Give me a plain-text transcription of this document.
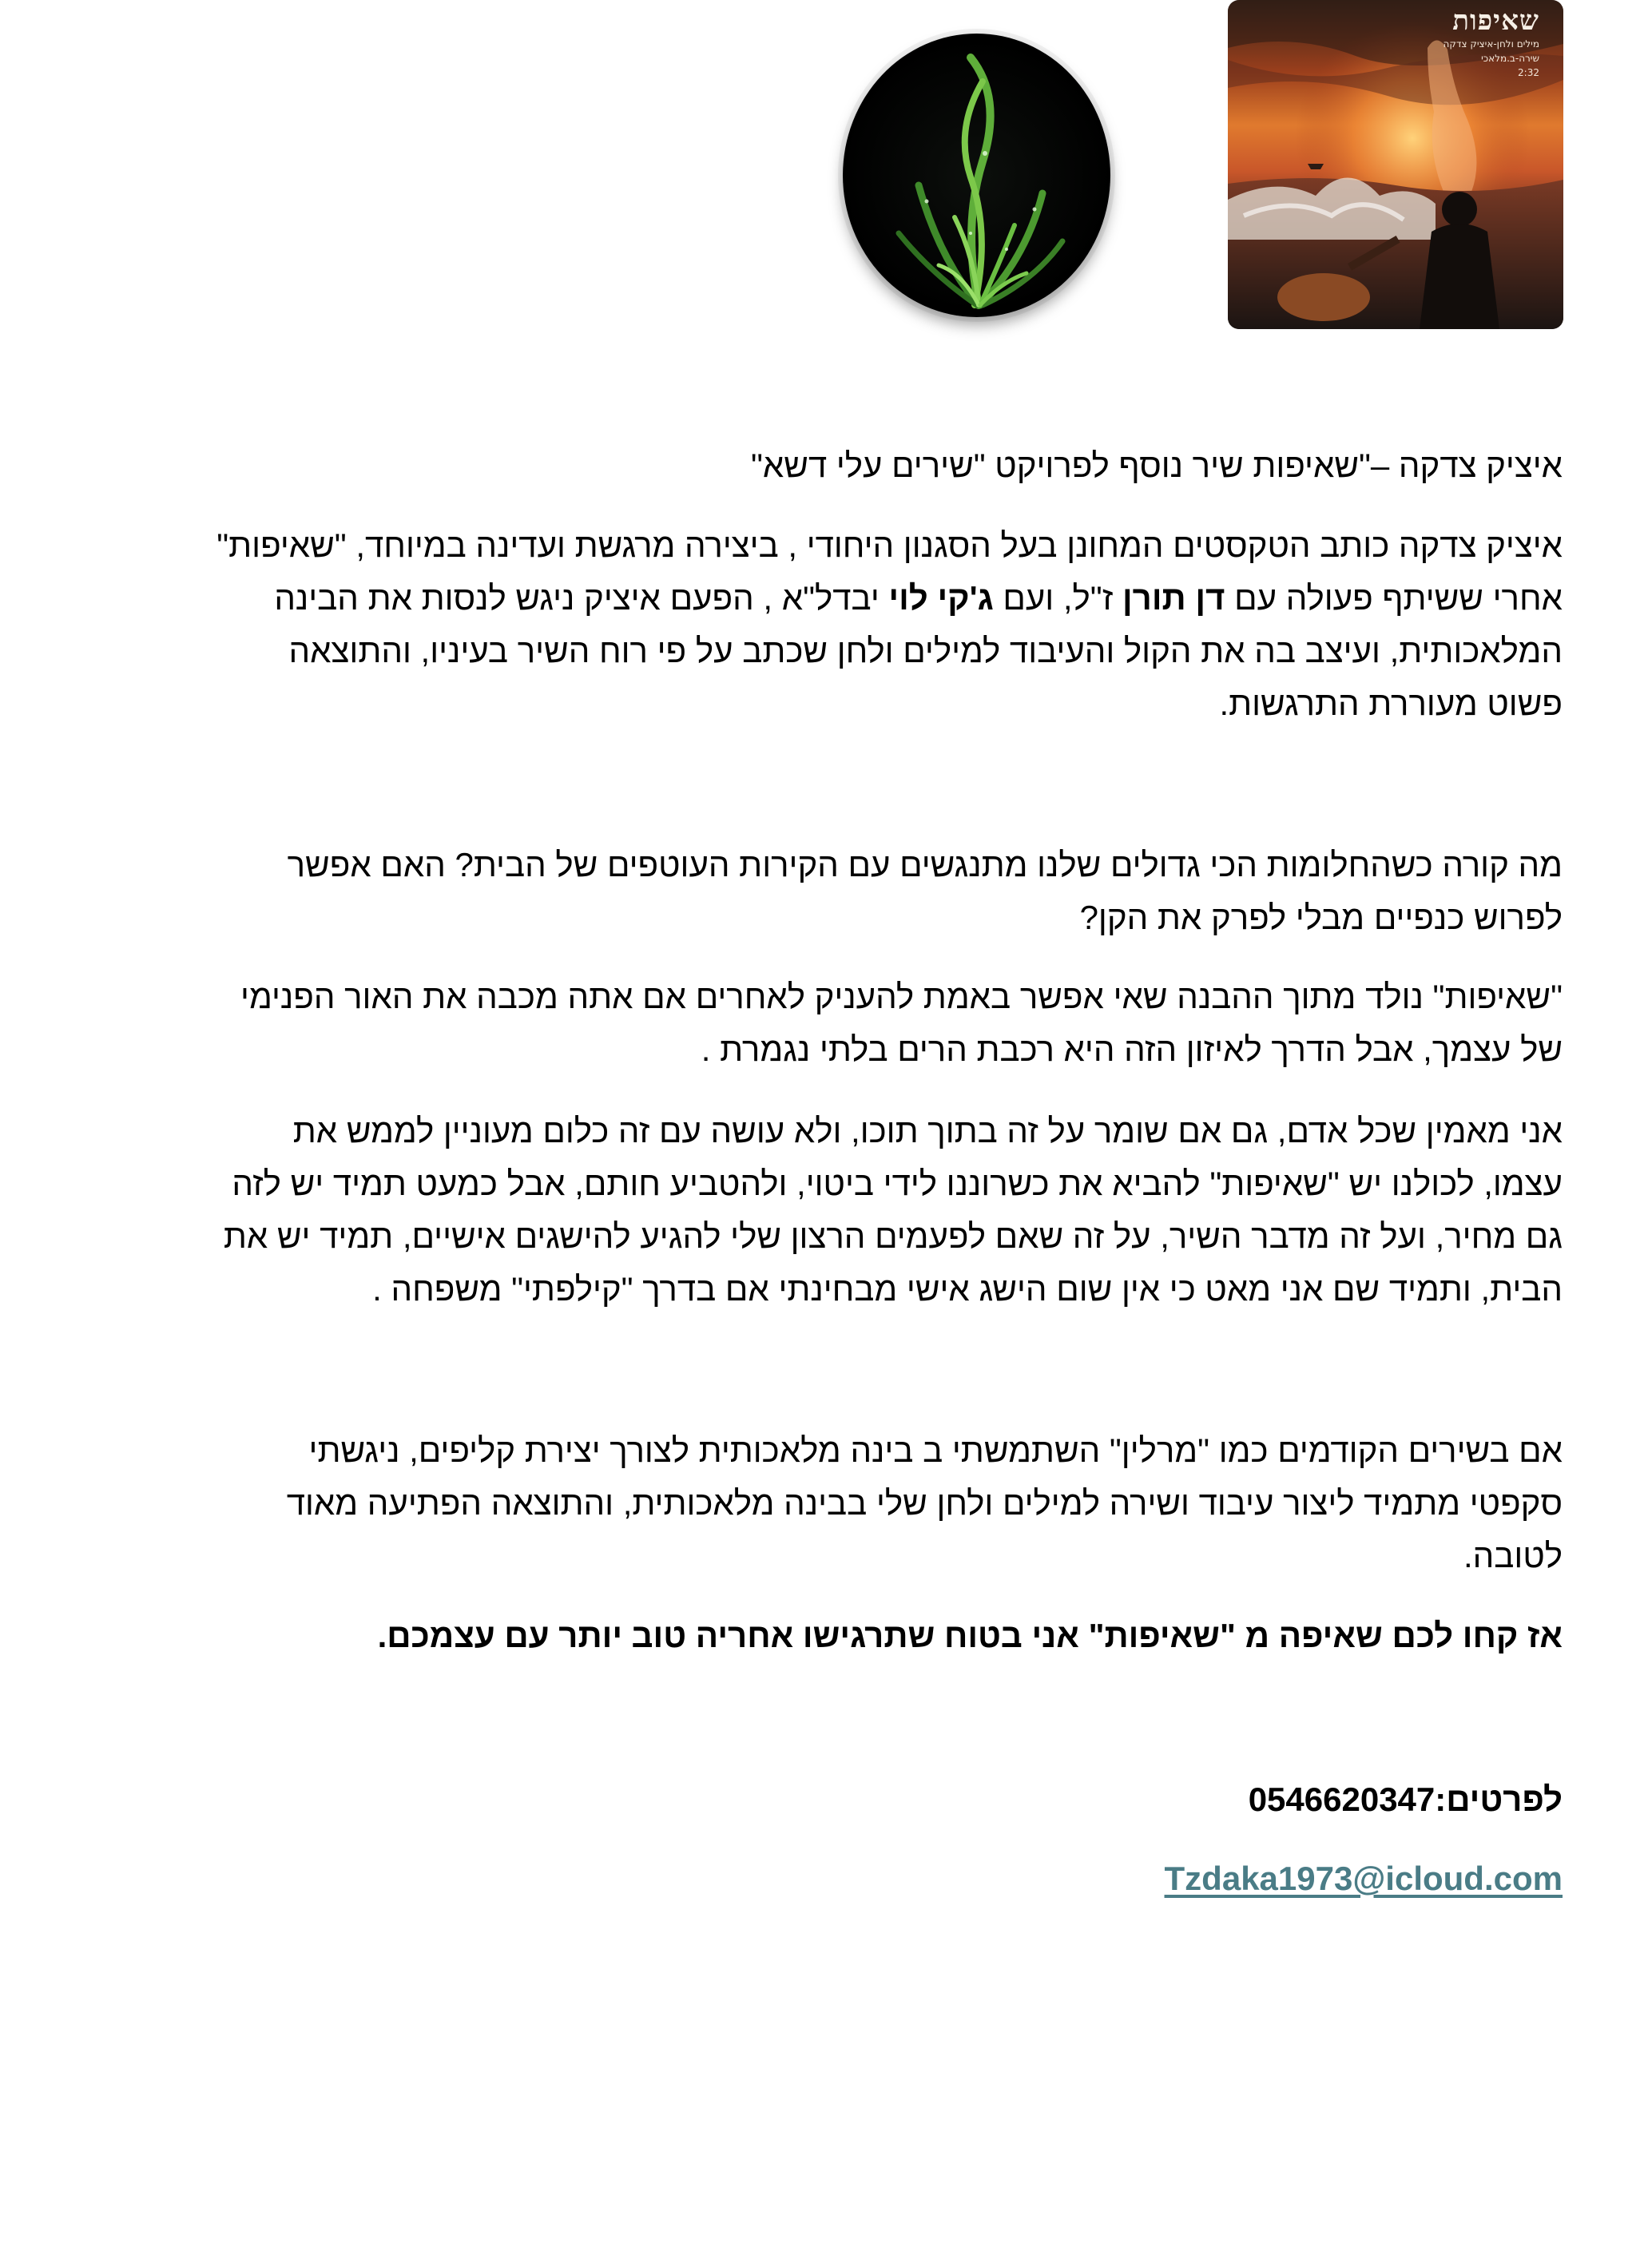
שאיפות
מילים ולחן-איציק צדקה
שירה-ב.מלאכי
2:32

איציק צדקה –"שאיפות שיר נוסף לפרויקט "שירים עלי דשא"

איציק צדקה כותב הטקסטים המחונן בעל הסגנון היחודי , ביצירה מרגשת ועדינה במיוחד, "שאיפות"

אחרי ששיתף פעולה עם דן תורן ז"ל, ועם ג'קי לוי יבדל"א , הפעם איציק ניגש לנסות את הבינה

המלאכותית, ועיצב בה את הקול והעיבוד למילים ולחן שכתב על פי רוח השיר בעיניו, והתוצאה

פשוט מעוררת התרגשות.

מה קורה כשהחלומות הכי גדולים שלנו מתנגשים עם הקירות העוטפים של הבית? האם אפשר

לפרוש כנפיים מבלי לפרק את הקן?

"שאיפות" נולד מתוך ההבנה שאי אפשר באמת להעניק לאחרים אם אתה מכבה את האור הפנימי

של עצמך, אבל הדרך לאיזון הזה היא רכבת הרים בלתי נגמרת .

אני מאמין שכל אדם, גם אם שומר על זה בתוך תוכו, ולא עושה עם זה כלום מעוניין לממש את

עצמו, לכולנו יש "שאיפות" להביא את כשרוננו לידי ביטוי, ולהטביע חותם, אבל כמעט תמיד יש לזה

גם מחיר, ועל זה מדבר השיר, על זה שאם לפעמים הרצון שלי להגיע להישגים אישיים, תמיד יש את

הבית, ותמיד שם אני מאט כי אין שום הישג אישי מבחינתי אם בדרך "קילפתי" משפחה .

אם בשירים הקודמים כמו "מרלין" השתמשתי ב בינה מלאכותית לצורך יצירת קליפים, ניגשתי

סקפטי מתמיד ליצור עיבוד ושירה למילים ולחן שלי בבינה מלאכותית, והתוצאה הפתיעה מאוד

לטובה.

אז קחו לכם שאיפה מ "שאיפות" אני בטוח שתרגישו אחריה טוב יותר עם עצמכם.

לפרטים:0546620347

Tzdaka1973@icloud.com
